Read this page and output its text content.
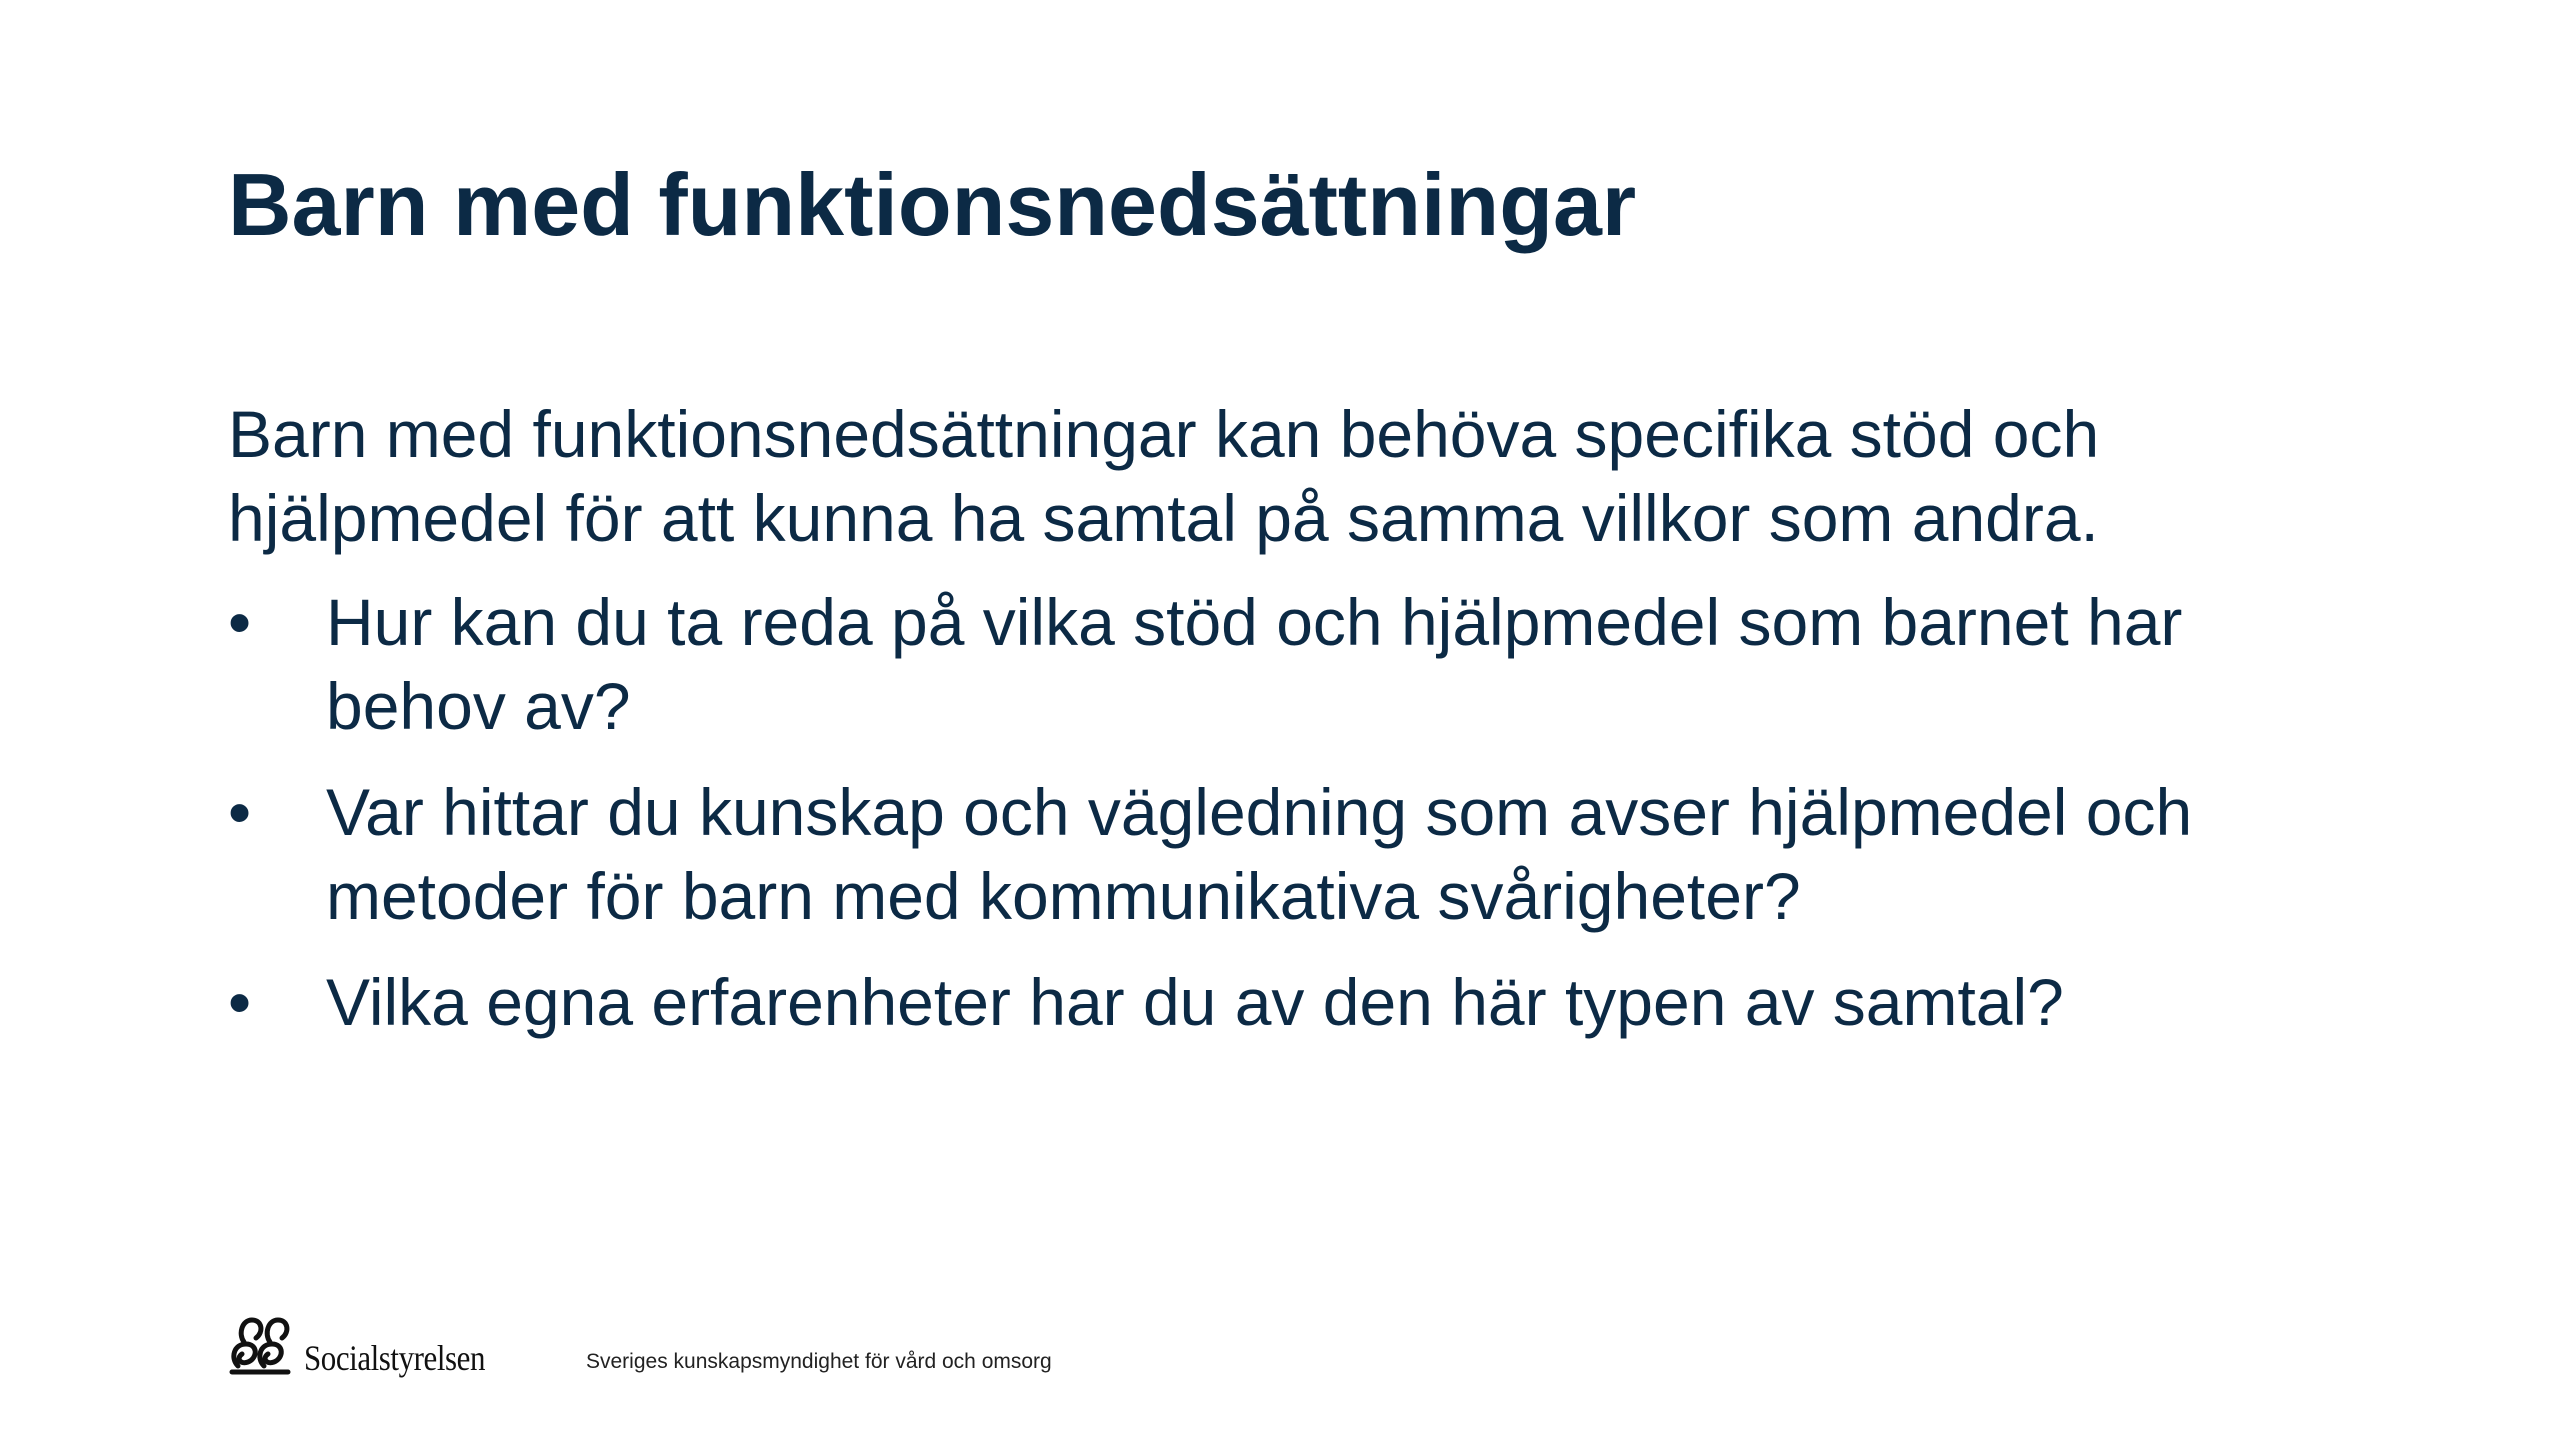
Barn med funktionsnedsättningar

Barn med funktionsnedsättningar kan behöva specifika stöd och hjälpmedel för att kunna ha samtal på samma villkor som andra.

• Hur kan du ta reda på vilka stöd och hjälpmedel som barnet har behov av?
• Var hittar du kunskap och vägledning som avser hjälpmedel och metoder för barn med kommunikativa svårigheter?
• Vilka egna erfarenheter har du av den här typen av samtal?
Socialstyrelsen	Sveriges kunskapsmyndighet för vård och omsorg
